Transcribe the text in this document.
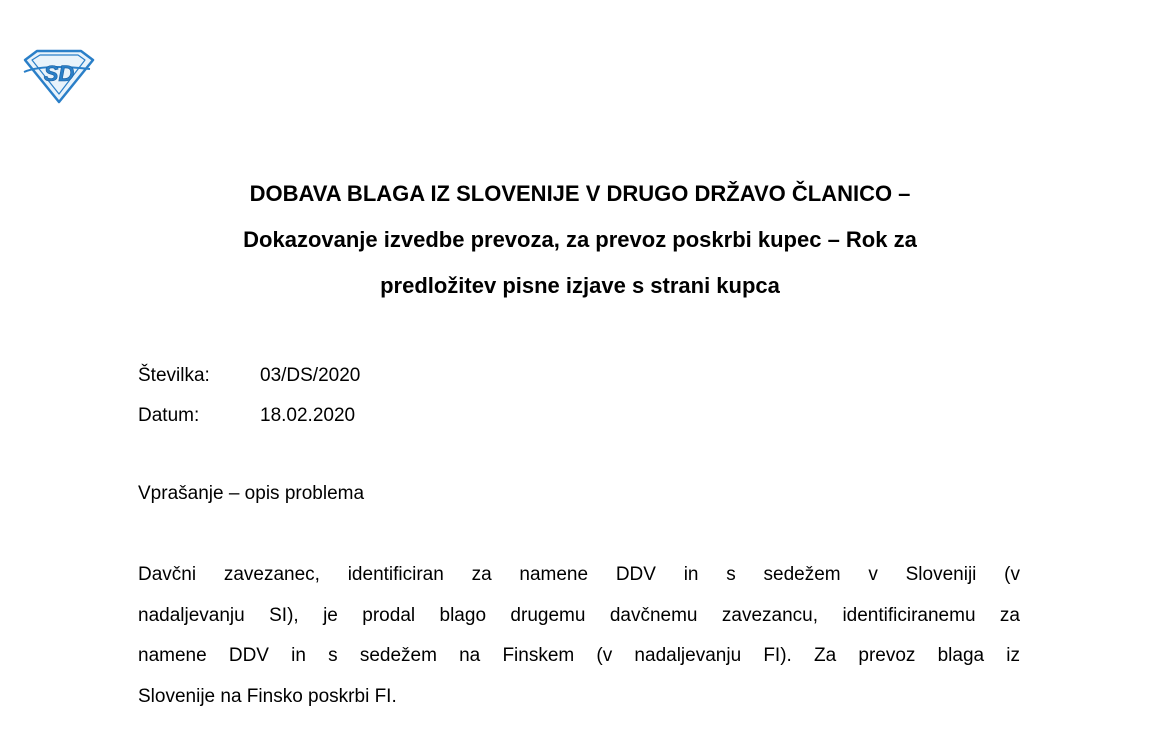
SD
DOBAVA BLAGA IZ SLOVENIJE V DRUGO DRŽAVO ČLANICO –
Dokazovanje izvedbe prevoza, za prevoz poskrbi kupec – Rok za
predložitev pisne izjave s strani kupca
Številka:	03/DS/2020
Datum:	18.02.2020
Vprašanje – opis problema
Davčni zavezanec, identificiran za namene DDV in s sedežem v Sloveniji (v
nadaljevanju SI), je prodal blago drugemu davčnemu zavezancu, identificiranemu za
namene DDV in s sedežem na Finskem (v nadaljevanju FI). Za prevoz blaga iz
Slovenije na Finsko poskrbi FI.
